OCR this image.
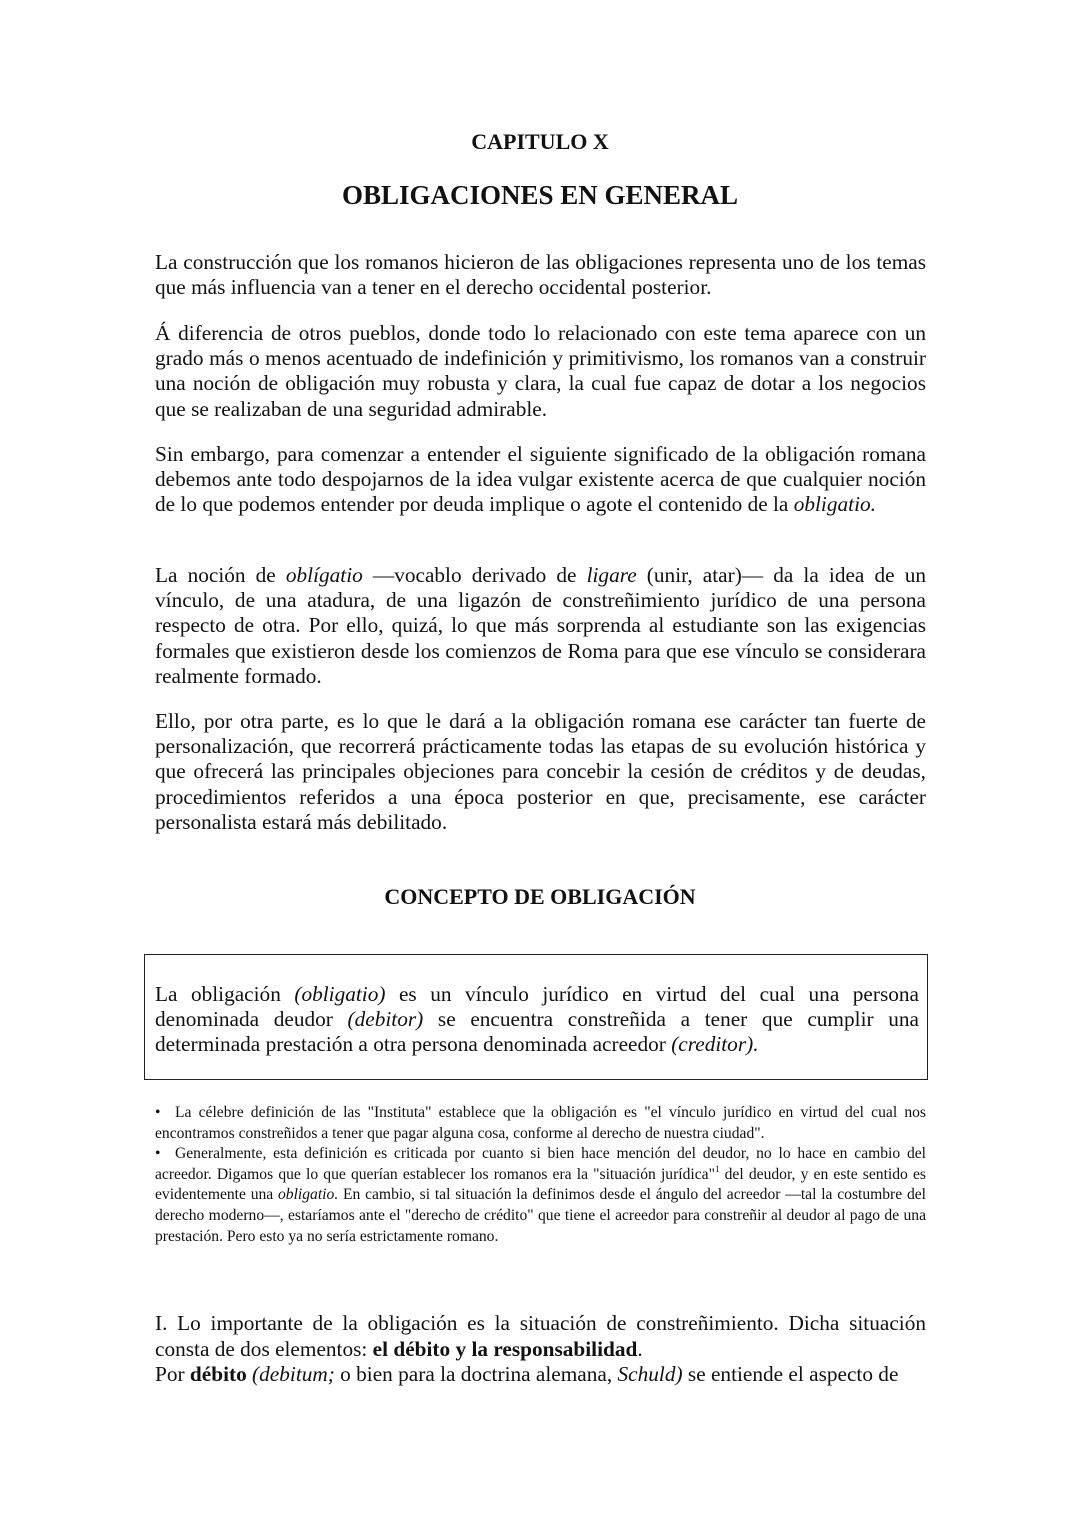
CAPITULO X
OBLIGACIONES EN GENERAL

La construcción que los romanos hicieron de las obligaciones representa uno de los temas que más influencia van a tener en el derecho occidental posterior.

Á diferencia de otros pueblos, donde todo lo relacionado con este tema aparece con un grado más o menos acentuado de indefinición y primitivismo, los romanos van a construir una noción de obligación muy robusta y clara, la cual fue capaz de dotar a los negocios que se realizaban de una seguridad admirable.

Sin embargo, para comenzar a entender el siguiente significado de la obligación romana debemos ante todo despojarnos de la idea vulgar existente acerca de que cualquier noción de lo que podemos entender por deuda implique o agote el contenido de la obligatio.

La noción de oblígatio —vocablo derivado de ligare (unir, atar)— da la idea de un vínculo, de una atadura, de una ligazón de constreñimiento jurídico de una persona respecto de otra. Por ello, quizá, lo que más sorprenda al estudiante son las exigencias formales que existieron desde los comienzos de Roma para que ese vínculo se considerara realmente formado.

Ello, por otra parte, es lo que le dará a la obligación romana ese carácter tan fuerte de personalización, que recorrerá prácticamente todas las etapas de su evolución histórica y que ofrecerá las principales objeciones para concebir la cesión de créditos y de deudas, procedimientos referidos a una época posterior en que, precisamente, ese carácter personalista estará más debilitado.

CONCEPTO DE OBLIGACIÓN

La obligación (obligatio) es un vínculo jurídico en virtud del cual una persona denominada deudor (debitor) se encuentra constreñida a tener que cumplir una determinada prestación a otra persona denominada acreedor (creditor).

• La célebre definición de las "Instituta" establece que la obligación es "el vínculo jurídico en virtud del cual nos encontramos constreñidos a tener que pagar alguna cosa, conforme al derecho de nuestra ciudad".

• Generalmente, esta definición es criticada por cuanto si bien hace mención del deudor, no lo hace en cambio del acreedor. Digamos que lo que querían establecer los romanos era la "situación jurídica"$^1$ del deudor, y en este sentido es evidentemente una obligatio. En cambio, si tal situación la definimos desde el ángulo del acreedor —tal la costumbre del derecho moderno—, estaríamos ante el "derecho de crédito" que tiene el acreedor para constreñir al deudor al pago de una prestación. Pero esto ya no sería estrictamente romano.

I. Lo importante de la obligación es la situación de constreñimiento. Dicha situación consta de dos elementos: el débito y la responsabilidad.
Por débito (debitum; o bien para la doctrina alemana, Schuld) se entiende el aspecto de
